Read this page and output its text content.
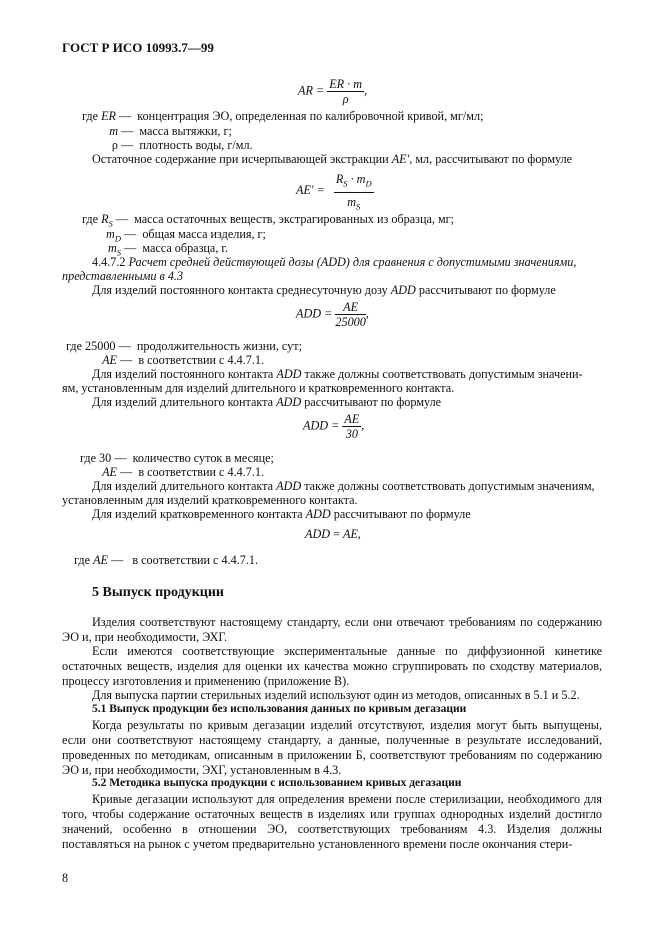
ГОСТ Р ИСО 10993.7—99
AR = $\frac{ER \cdot m}{\rho}$ ,
где ER — концентрация ЭО, определенная по калибровочной кривой, мг/мл;
m — масса вытяжки, г;
ρ — плотность воды, г/мл.
Остаточное содержание при исчерпывающей экстракции AE', мл, рассчитывают по формуле
$AE' = \frac{R_S \cdot m_D}{m_S}$
где $R_S$ — масса остаточных веществ, экстрагированных из образца, мг;
$m_D$ — общая масса изделия, г;
$m_S$ — масса образца, г.
4.4.7.2 Расчет средней действующей дозы (ADD) для сравнения с допустимыми значениями,
представленными в 4.3
Для изделий постоянного контакта среднесуточную дозу ADD рассчитывают по формуле
ADD = $\frac{AE}{25000}$ ,
где 25000 — продолжительность жизни, сут;
AE — в соответствии с 4.4.7.1.
Для изделий постоянного контакта ADD также должны соответствовать допустимым значени-
ям, установленным для изделий длительного и кратковременного контакта.
Для изделий длительного контакта ADD рассчитывают по формуле
ADD = $\frac{AE}{30}$ ,
где 30 — количество суток в месяце;
AE — в соответствии с 4.4.7.1.
Для изделий длительного контакта ADD также должны соответствовать допустимым значениям,
установленным для изделий кратковременного контакта.
Для изделий кратковременного контакта ADD рассчитывают по формуле
ADD = AE,
где AE — в соответствии с 4.4.7.1.
5 Выпуск продукции
Изделия соответствуют настоящему стандарту, если они отвечают требованиям по содержанию ЭО и, при необходимости, ЭХГ.
Если имеются соответствующие экспериментальные данные по диффузионной кинетике остаточных веществ, изделия для оценки их качества можно сгруппировать по сходству материалов, процессу изготовления и применению (приложение В).
Для выпуска партии стерильных изделий используют один из методов, описанных в 5.1 и 5.2.
5.1 Выпуск продукции без использования данных по кривым дегазации
Когда результаты по кривым дегазации изделий отсутствуют, изделия могут быть выпущены, если они соответствуют настоящему стандарту, а данные, полученные в результате исследований, проведенных по методикам, описанным в приложении Б, соответствуют требованиям по содержанию ЭО и, при необходимости, ЭХГ, установленным в 4.3.
5.2 Методика выпуска продукции с использованием кривых дегазации
Кривые дегазации используют для определения времени после стерилизации, необходимого для того, чтобы содержание остаточных веществ в изделиях или группах однородных изделий достигло значений, особенно в отношении ЭО, соответствующих требованиям 4.3. Изделия должны поставляться на рынок с учетом предварительно установленного времени после окончания стери-
8
